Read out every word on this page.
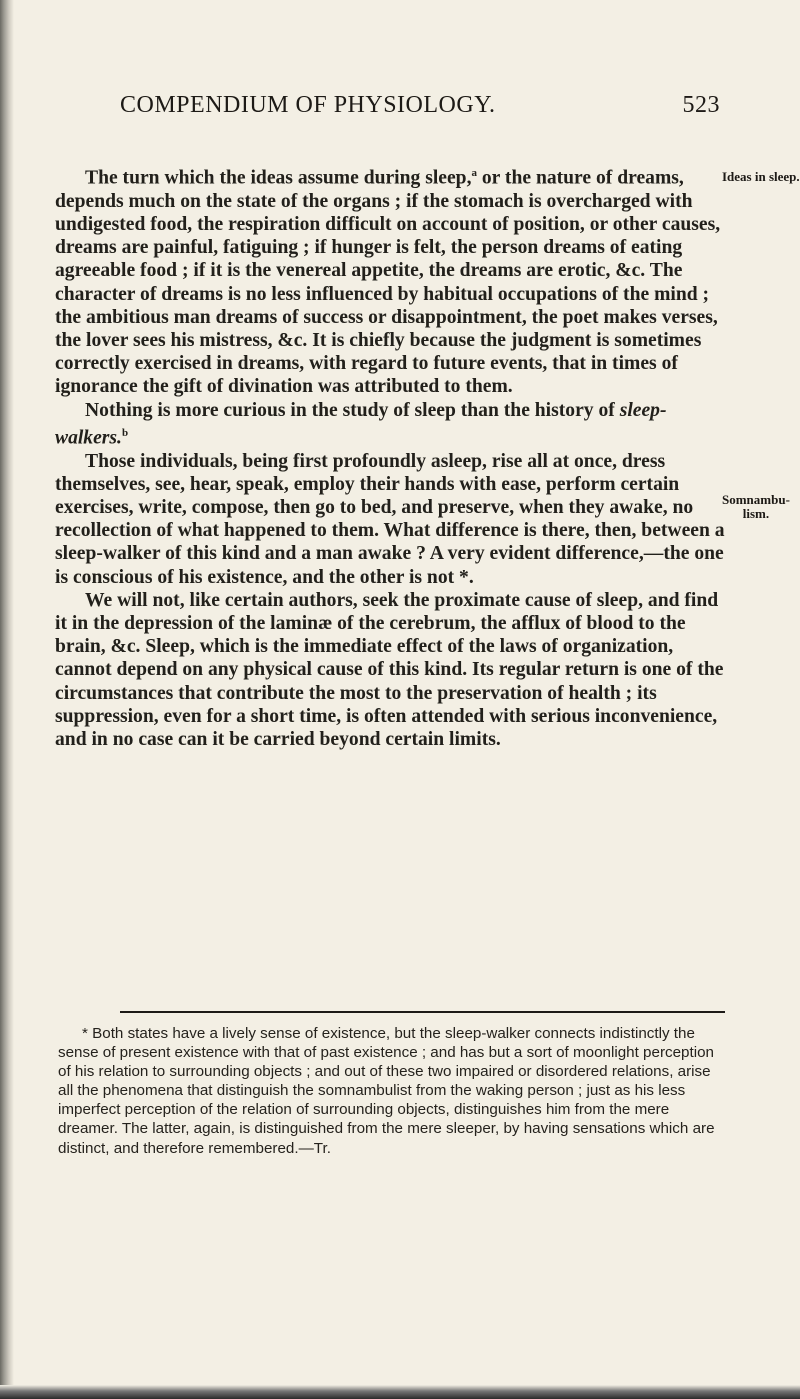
COMPENDIUM OF PHYSIOLOGY.	523
Ideas in sleep.
Somnambu-
lism.

The turn which the ideas assume during sleep,$^a$ or the nature of dreams, depends much on the state of the organs ; if the stomach is overcharged with undigested food, the respiration difficult on account of position, or other causes, dreams are painful, fatiguing ; if hunger is felt, the person dreams of eating agreeable food ; if it is the venereal appetite, the dreams are erotic, &c. The character of dreams is no less influenced by habitual occupations of the mind ; the ambitious man dreams of success or disappointment, the poet makes verses, the lover sees his mistress, &c. It is chiefly because the judgment is sometimes correctly exercised in dreams, with regard to future events, that in times of ignorance the gift of divination was attributed to them.

Nothing is more curious in the study of sleep than the history of sleep-walkers.$^b$

Those individuals, being first profoundly asleep, rise all at once, dress themselves, see, hear, speak, employ their hands with ease, perform certain exercises, write, compose, then go to bed, and preserve, when they awake, no recollection of what happened to them. What difference is there, then, between a sleep-walker of this kind and a man awake ? A very evident difference,—the one is conscious of his existence, and the other is not *.

We will not, like certain authors, seek the proximate cause of sleep, and find it in the depression of the laminæ of the cerebrum, the afflux of blood to the brain, &c. Sleep, which is the immediate effect of the laws of organization, cannot depend on any physical cause of this kind. Its regular return is one of the circumstances that contribute the most to the preservation of health ; its suppression, even for a short time, is often attended with serious inconvenience, and in no case can it be carried beyond certain limits.

* Both states have a lively sense of existence, but the sleep-walker connects indistinctly the sense of present existence with that of past existence ; and has but a sort of moonlight perception of his relation to surrounding objects ; and out of these two impaired or disordered relations, arise all the phenomena that distinguish the somnambulist from the waking person ; just as his less imperfect perception of the relation of surrounding objects, distinguishes him from the mere dreamer. The latter, again, is distinguished from the mere sleeper, by having sensations which are distinct, and therefore remembered.—Tr.
